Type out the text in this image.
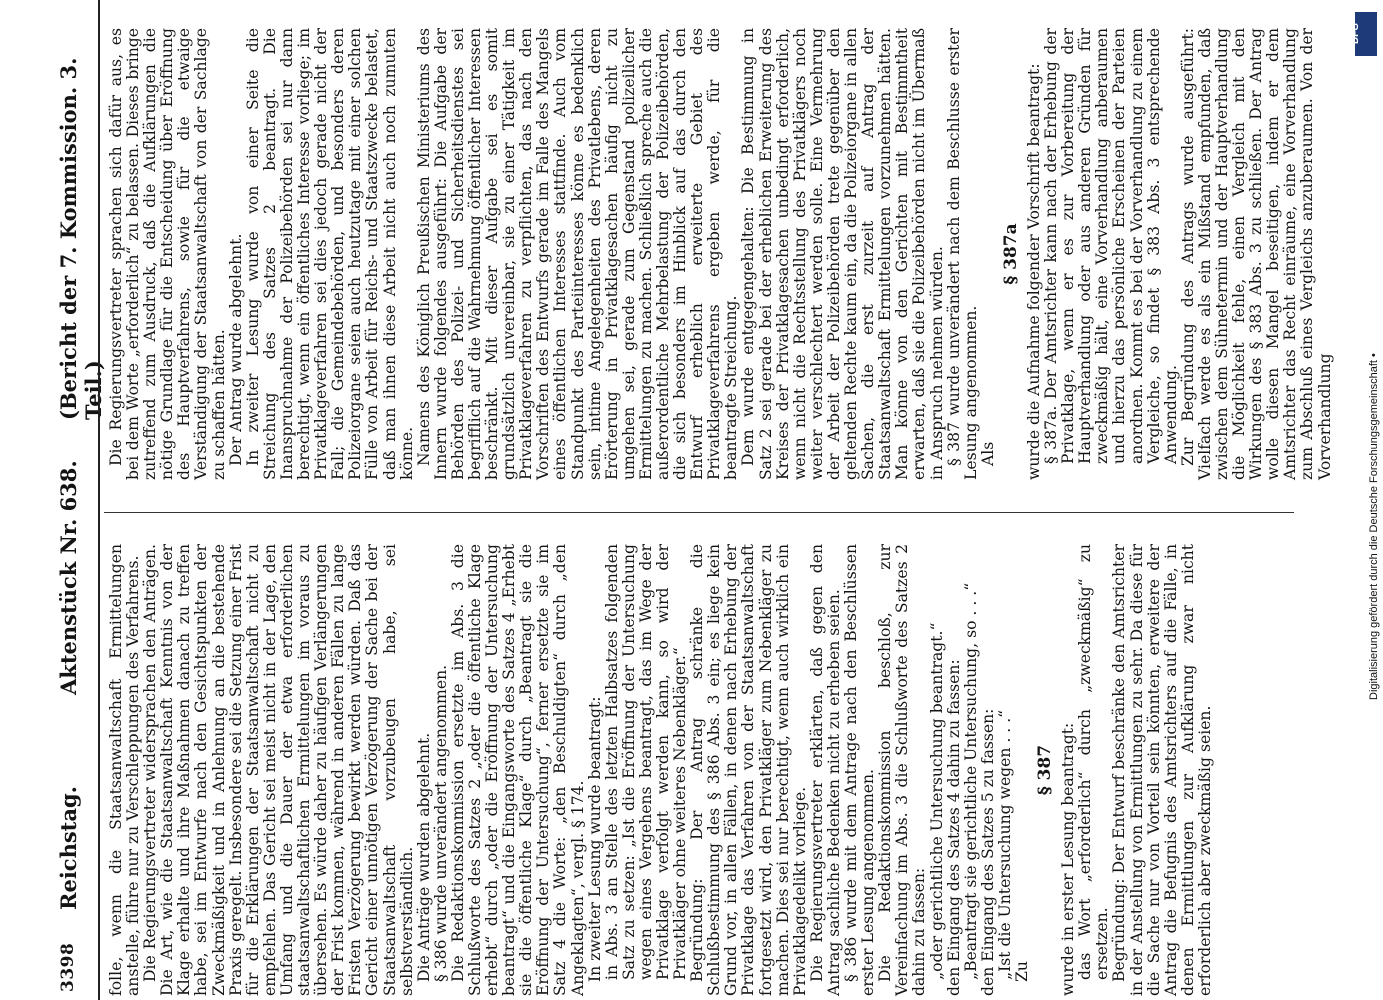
3398
Reichstag.
Aktenstück Nr. 638.
(Bericht der 7. Kommission. 3. Teil.)

folle, wenn die Staatsanwaltschaft Ermittelungen anstelle, führe nur zu Verschleppungen des Verfahrens. Die Regierungsvertreter widersprachen den Anträgen. Die Art, wie die Staatsanwaltschaft Kenntnis von der Klage erhalte und ihre Maßnahmen danach zu treffen habe, sei im Entwurfe nach den Gesichtspunkten der Zweckmäßigkeit und in Anlehnung an die bestehende Praxis geregelt. Insbesondere sei die Setzung einer Frist für die Erklärungen der Staatsanwaltschaft nicht zu empfehlen. Das Gericht sei meist nicht in der Lage, den Umfang und die Dauer der etwa erforderlichen staatsanwaltschaftlichen Ermittelungen im voraus zu übersehen. Es würde daher zu häufigen Verlängerungen der Frist kommen, während in anderen Fällen zu lange Fristen Verzögerung bewirkt werden würden. Daß das Gericht einer unnötigen Verzögerung der Sache bei der Staatsanwaltschaft vorzubeugen habe, sei selbstverständlich. Die Anträge wurden abgelehnt. § 386 wurde unverändert angenommen. Die Redaktionskommission ersetzte im Abs. 3 die Schlußworte des Satzes 2 „oder die öffentliche Klage erhebt“ durch „oder die Eröffnung der Untersuchung beantragt“ und die Eingangsworte des Satzes 4 „Erhebt sie die öffentliche Klage“ durch „Beantragt sie die Eröffnung der Untersuchung“, ferner ersetzte sie im Satz 4 die Worte: „den Beschuldigten“ durch „den Angeklagten“, vergl. § 174. In zweiter Lesung wurde beantragt: in Abs. 3 an Stelle des letzten Halbsatzes folgenden Satz zu setzen: „Ist die Eröffnung der Untersuchung wegen eines Vergehens beantragt, das im Wege der Privatklage verfolgt werden kann, so wird der Privatkläger ohne weiteres Nebenkläger.“ Begründung: Der Antrag schränke die Schlußbestimmung des § 386 Abs. 3 ein; es liege kein Grund vor, in allen Fällen, in denen nach Erhebung der Privatklage das Verfahren von der Staatsanwaltschaft fortgesetzt wird, den Privatkläger zum Nebenkläger zu machen. Dies sei nur berechtigt, wenn auch wirklich ein Privatklagedelikt vorliege. Die Regierungsvertreter erklärten, daß gegen den Antrag sachliche Bedenken nicht zu erheben seien. § 386 wurde mit dem Antrage nach den Beschlüssen erster Lesung angenommen. Die Redaktionskommission beschloß, zur Vereinfachung im Abs. 3 die Schlußworte des Satzes 2 dahin zu fassen: „oder gerichtliche Untersuchung beantragt.“ den Eingang des Satzes 4 dahin zu fassen: „Beantragt sie gerichtliche Untersuchung, so . . .“ den Eingang des Satzes 5 zu fassen: „Ist die Untersuchung wegen . . .“ Zu

§ 387 wurde in erster Lesung beantragt: das Wort „erforderlich“ durch „zweckmäßig“ zu ersetzen. Begründung: Der Entwurf beschränke den Amtsrichter in der Anstellung von Ermittlungen zu sehr. Da diese für die Sache nur von Vorteil sein könnten, erweitere der Antrag die Befugnis des Amtsrichters auf die Fälle, in denen Ermittlungen zur Aufklärung zwar nicht erforderlich aber zweckmäßig seien.

Die Regierungsvertreter sprachen sich dafür aus, es bei dem Worte „erforderlich“ zu belassen. Dieses bringe zutreffend zum Ausdruck, daß die Aufklärungen die nötige Grundlage für die Entscheidung über Eröffnung des Hauptverfahrens, sowie für die etwaige Verständigung der Staatsanwaltschaft von der Sachlage zu schaffen hätten. Der Antrag wurde abgelehnt. In zweiter Lesung wurde von einer Seite die Streichung des Satzes 2 beantragt. Die Inanspruchnahme der Polizeibehörden sei nur dann berechtigt, wenn ein öffentliches Interesse vorliege; im Privatklageverfahren sei dies jedoch gerade nicht der Fall; die Gemeindebehörden, und besonders deren Polizeiorgane seien auch heutzutage mit einer solchen Fülle von Arbeit für Reichs- und Staatszwecke belastet, daß man ihnen diese Arbeit nicht auch noch zumuten könne. Namens des Königlich Preußischen Ministeriums des Innern wurde folgendes ausgeführt: Die Aufgabe der Behörden des Polizei- und Sicherheitsdienstes sei begrifflich auf die Wahrnehmung öffentlicher Interessen beschränkt. Mit dieser Aufgabe sei es somit grundsätzlich unvereinbar, sie zu einer Tätigkeit im Privatklageverfahren zu verpflichten, das nach den Vorschriften des Entwurfs gerade im Falle des Mangels eines öffentlichen Interesses stattfinde. Auch vom Standpunkt des Parteiinteresses könne es bedenklich sein, intime Angelegenheiten des Privatlebens, deren Erörterung in Privatklagesachen häufig nicht zu umgehen sei, gerade zum Gegenstand polizeilicher Ermittelungen zu machen. Schließlich spreche auch die außerordentliche Mehrbelastung der Polizeibehörden, die sich besonders im Hinblick auf das durch den Entwurf erheblich erweiterte Gebiet des Privatklageverfahrens ergeben werde, für die beantragte Streichung. Dem wurde entgegengehalten: Die Bestimmung in Satz 2 sei gerade bei der erheblichen Erweiterung des Kreises der Privatklagesachen unbedingt erforderlich, wenn nicht die Rechtsstellung des Privatklägers noch weiter verschlechtert werden solle. Eine Vermehrung der Arbeit der Polizeibehörden trete gegenüber den geltenden Rechte kaum ein, da die Polizeiorgane in allen Sachen, die erst zurzeit auf Antrag der Staatsanwaltschaft Ermittelungen vorzunehmen hätten. Man könne von den Gerichten mit Bestimmtheit erwarten, daß sie die Polizeibehörden nicht im Übermaß in Anspruch nehmen würden. § 387 wurde unverändert nach dem Beschlusse erster Lesung angenommen. Als

§ 387a wurde die Aufnahme folgender Vorschrift beantragt: § 387a. Der Amtsrichter kann nach der Erhebung der Privatklage, wenn er es zur Vorbereitung der Hauptverhandlung oder aus anderen Gründen für zweckmäßig hält, eine Vorverhandlung anberaumen und hierzu das persönliche Erscheinen der Parteien anordnen. Kommt es bei der Vorverhandlung zu einem Vergleiche, so findet § 383 Abs. 3 entsprechende Anwendung. Zur Begründung des Antrags wurde ausgeführt: Vielfach werde es als ein Mißstand empfunden, daß zwischen dem Sühnetermin und der Hauptverhandlung die Möglichkeit fehle, einen Vergleich mit den Wirkungen des § 383 Abs. 3 zu schließen. Der Antrag wolle diesen Mangel beseitigen, indem er dem Amtsrichter das Recht einräume, eine Vorverhandlung zum Abschluß eines Vergleichs anzuberaumen. Von der Vorverhandlung

DFG
Digitalisierung gefördert durch die Deutsche Forschungsgemeinschaft •
